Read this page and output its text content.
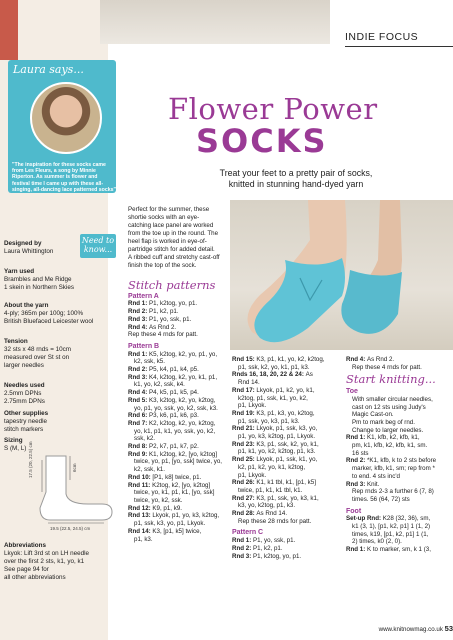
INDIE FOCUS
Laura says...
"The inspiration for these socks came from Les Fleurs, a song by Minnie Riperton. As summer is flower and festival time I came up with these all-singing, all-dancing lace patterned socks"
Designed by
Laura Whittington
Need to
know...
Yarn used
Brambles and Me Ridge
1 skein in Northern Skies
About the yarn
4-ply; 365m per 100g; 100%
British Bluefaced Leicester wool
Tension
32 sts x 48 rnds = 10cm
measured over St st on
larger needles
Needles used
2.5mm DPNs
2.75mm DPNs
Other supplies
tapestry needle
stitch markers
Sizing
S (M, L) 17.5 (20, 22.5) cm
19.5 (22.5, 24.5) cm
6cm
Abbreviations
Lkyok: Lift 3rd st on LH needle
over the first 2 sts, k1, yo, k1
See page 94 for
all other abbreviations
Flower Power
SOCKS
Treat your feet to a pretty pair of socks,
knitted in stunning hand-dyed yarn
Perfect for the summer, these
shortie socks with an eye-
catching lace panel are worked
from the toe up in the round. The
heel flap is worked in eye-of-
partridge stitch for added detail.
A ribbed cuff and stretchy cast-off
finish the top of the sock.
Stitch patterns
Pattern A
Rnd 1: P1, k2tog, yo, p1.
Rnd 2: P1, k2, p1.
Rnd 3: P1, yo, ssk, p1.
Rnd 4: As Rnd 2.
Rep these 4 rnds for patt.
Pattern B
Rnd 1: K5, k2tog, k2, yo, p1, yo,
k2, ssk, k5.
Rnd 2: P5, k4, p1, k4, p5.
Rnd 3: K4, k2tog, k2, yo, k1, p1,
k1, yo, k2, ssk, k4.
Rnd 4: P4, k5, p1, k5, p4.
Rnd 5: K3, k2tog, k2, yo, k2tog,
yo, p1, yo, ssk, yo, k2, ssk, k3.
Rnd 6: P3, k6, p1, k6, p3.
Rnd 7: K2, k2tog, k2, yo, k2tog,
yo, k1, p1, k1, yo, ssk, yo, k2,
ssk, k2.
Rnd 8: P2, k7, p1, k7, p2.
Rnd 9: K1, k2tog, k2, [yo, k2tog]
twice, yo, p1, [yo, ssk] twice, yo,
k2, ssk, k1.
Rnd 10: [P1, k8] twice, p1.
Rnd 11: K2tog, k2, [yo, k2tog]
twice, yo, k1, p1, k1, [yo, ssk]
twice, yo, k2, ssk.
Rnd 12: K9, p1, k9.
Rnd 13: Lkyok, p1, yo, k3, k2tog,
p1, ssk, k3, yo, p1, Lkyok.
Rnd 14: K3, [p1, k5] twice,
p1, k3.
Rnd 15: K3, p1, k1, yo, k2, k2tog,
p1, ssk, k2, yo, k1, p1, k3.
Rnds 16, 18, 20, 22 & 24: As
Rnd 14.
Rnd 17: Lkyok, p1, k2, yo, k1,
k2tog, p1, ssk, k1, yo, k2,
p1, Lkyok.
Rnd 19: K3, p1, k3, yo, k2tog,
p1, ssk, yo, k3, p1, k3.
Rnd 21: Lkyok, p1, ssk, k3, yo,
p1, yo, k3, k2tog, p1, Lkyok.
Rnd 23: K3, p1, ssk, k2, yo, k1,
p1, k1, yo, k2, k2tog, p1, k3.
Rnd 25: Lkyok, p1, ssk, k1, yo,
k2, p1, k2, yo, k1, k2tog,
p1, Lkyok.
Rnd 26: K1, k1 tbl, k1, [p1, k5]
twice, p1, k1, k1 tbl, k1.
Rnd 27: K3, p1, ssk, yo, k3, k1,
k3, yo, k2tog, p1, k3.
Rnd 28: As Rnd 14.
Rep these 28 rnds for patt.
Pattern C
Rnd 1: P1, yo, ssk, p1.
Rnd 2: P1, k2, p1.
Rnd 3: P1, k2tog, yo, p1.
Rnd 4: As Rnd 2.
Rep these 4 rnds for patt.
Start knitting...
Toe
With smaller circular needles,
cast on 12 sts using Judy's
Magic Cast-on.
Pm to mark beg of rnd.
Change to larger needles.
Rnd 1: K1, kfb, k2, kfb, k1,
pm, k1, kfb, k2, kfb, k1, sm.
16 sts
Rnd 2: *K1, kfb, k to 2 sts before
marker, kfb, k1, sm; rep from *
to end. 4 sts inc'd
Rnd 3: Knit.
Rep rnds 2-3 a further 6 (7, 8)
times. 56 (64, 72) sts
Foot
Set-up Rnd: K28 (32, 36), sm,
k1 (3, 1), [p1, k2, p1] 1 (1, 2)
times, k19, [p1, k2, p1] 1 (1,
2) times, k0 (2, 0).
Rnd 1: K to marker, sm, k 1 (3,
www.knitnowmag.co.uk 53
